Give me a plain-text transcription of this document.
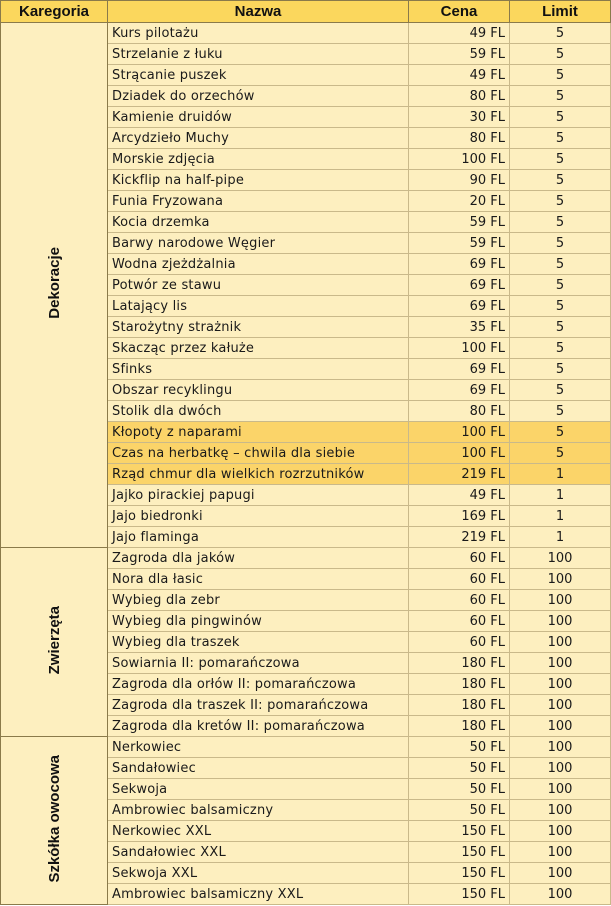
Karegoria	Nazwa	Cena	Limit
Dekoracje	Kurs pilotażu	49 FL	5
	Strzelanie z łuku	59 FL	5
	Strącanie puszek	49 FL	5
	Dziadek do orzechów	80 FL	5
	Kamienie druidów	30 FL	5
	Arcydzieło Muchy	80 FL	5
	Morskie zdjęcia	100 FL	5
	Kickflip na half-pipe	90 FL	5
	Funia Fryzowana	20 FL	5
	Kocia drzemka	59 FL	5
	Barwy narodowe Węgier	59 FL	5
	Wodna zjeżdżalnia	69 FL	5
	Potwór ze stawu	69 FL	5
	Latający lis	69 FL	5
	Starożytny strażnik	35 FL	5
	Skacząc przez kałuże	100 FL	5
	Sfinks	69 FL	5
	Obszar recyklingu	69 FL	5
	Stolik dla dwóch	80 FL	5
	Kłopoty z naparami	100 FL	5
	Czas na herbatkę – chwila dla siebie	100 FL	5
	Rząd chmur dla wielkich rozrzutników	219 FL	1
	Jajko pirackiej papugi	49 FL	1
	Jajo biedronki	169 FL	1
	Jajo flaminga	219 FL	1
Zwierzęta	Zagroda dla jaków	60 FL	100
	Nora dla łasic	60 FL	100
	Wybieg dla zebr	60 FL	100
	Wybieg dla pingwinów	60 FL	100
	Wybieg dla traszek	60 FL	100
	Sowiarnia II: pomarańczowa	180 FL	100
	Zagroda dla orłów II: pomarańczowa	180 FL	100
	Zagroda dla traszek II: pomarańczowa	180 FL	100
	Zagroda dla kretów II: pomarańczowa	180 FL	100
Szkółka owocowa	Nerkowiec	50 FL	100
	Sandałowiec	50 FL	100
	Sekwoja	50 FL	100
	Ambrowiec balsamiczny	50 FL	100
	Nerkowiec XXL	150 FL	100
	Sandałowiec XXL	150 FL	100
	Sekwoja XXL	150 FL	100
	Ambrowiec balsamiczny XXL	150 FL	100
